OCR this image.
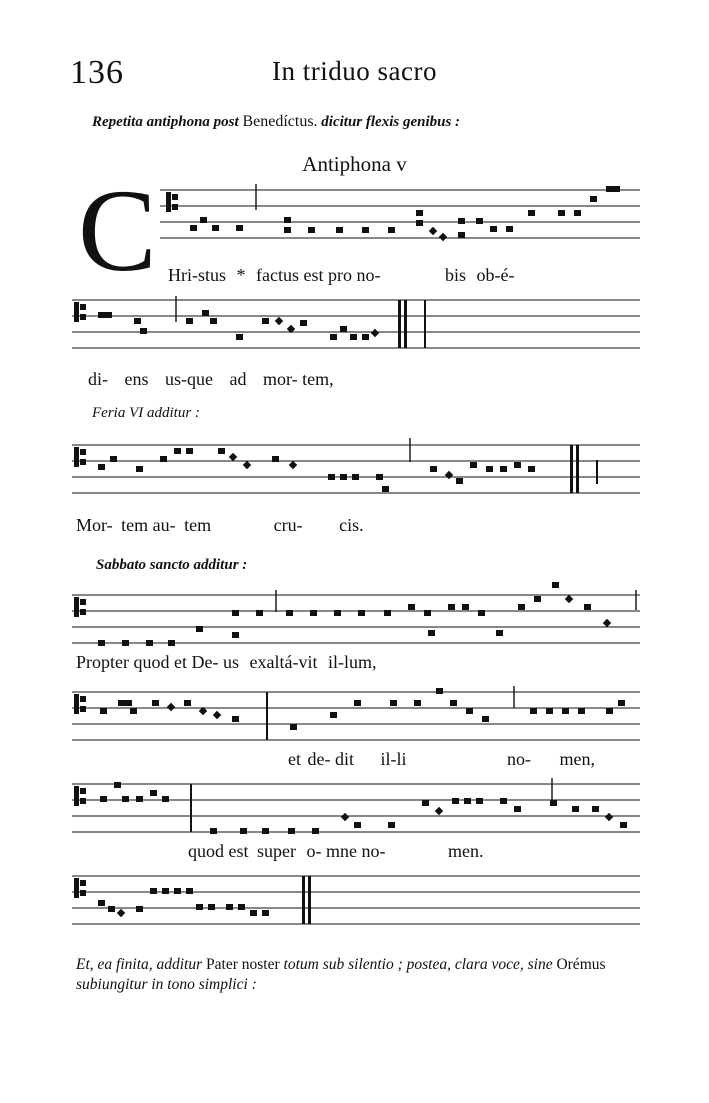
136	In triduo sacro
Repetita antiphona post Benedíctus. dicitur flexis genibus :
Antiphona v
C Hri-stus * factus est pro no-	bis ob-é-
di- ens us-que ad mor- tem,
Feria VI additur :
Mor- tem au- tem	cru- cis.
Sabbato sancto additur :
Propter quod et De- us exaltá-vit il-lum,
et de- dit il-li	no- men,
quod est super o- mne no-	men.
Et, ea finita, additur Pater noster totum sub silentio ; postea, clara voce, sine Orémus subiungitur in tono simplici :
